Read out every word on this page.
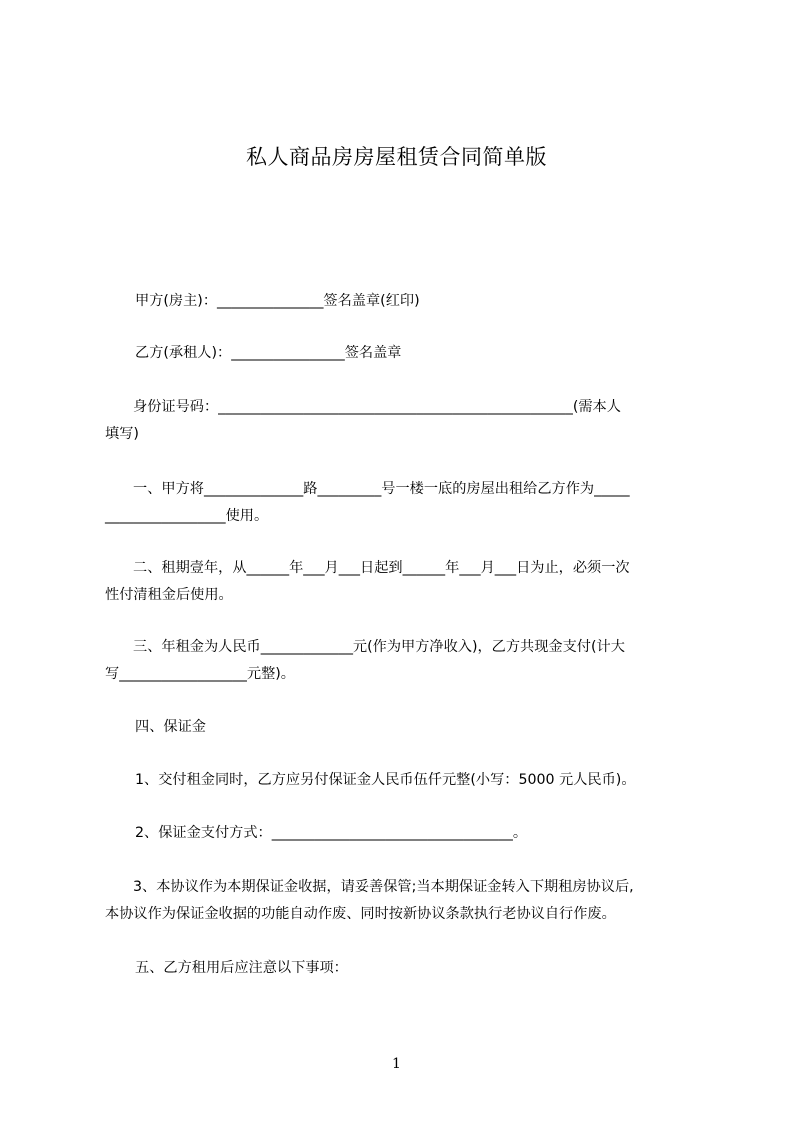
私人商品房房屋租赁合同简单版
甲方(房主)：_______________签名盖章(红印)
乙方(承租人)：________________签名盖章
身份证号码：__________________________________________________(需本人
填写)
一、甲方将______________路_________号一楼一底的房屋出租给乙方作为_____
_________________使用。
二、租期壹年，从______年___月___日起到______年___月___日为止，必须一次
性付清租金后使用。
三、年租金为人民币_____________元(作为甲方净收入)，乙方共现金支付(计大
写__________________元整)。
四、保证金
1、交付租金同时，乙方应另付保证金人民币伍仟元整(小写：5000 元人民币)。
2、保证金支付方式：__________________________________。
3、本协议作为本期保证金收据，请妥善保管;当本期保证金转入下期租房协议后,
本协议作为保证金收据的功能自动作废、同时按新协议条款执行老协议自行作废。
五、乙方租用后应注意以下事项：
1
